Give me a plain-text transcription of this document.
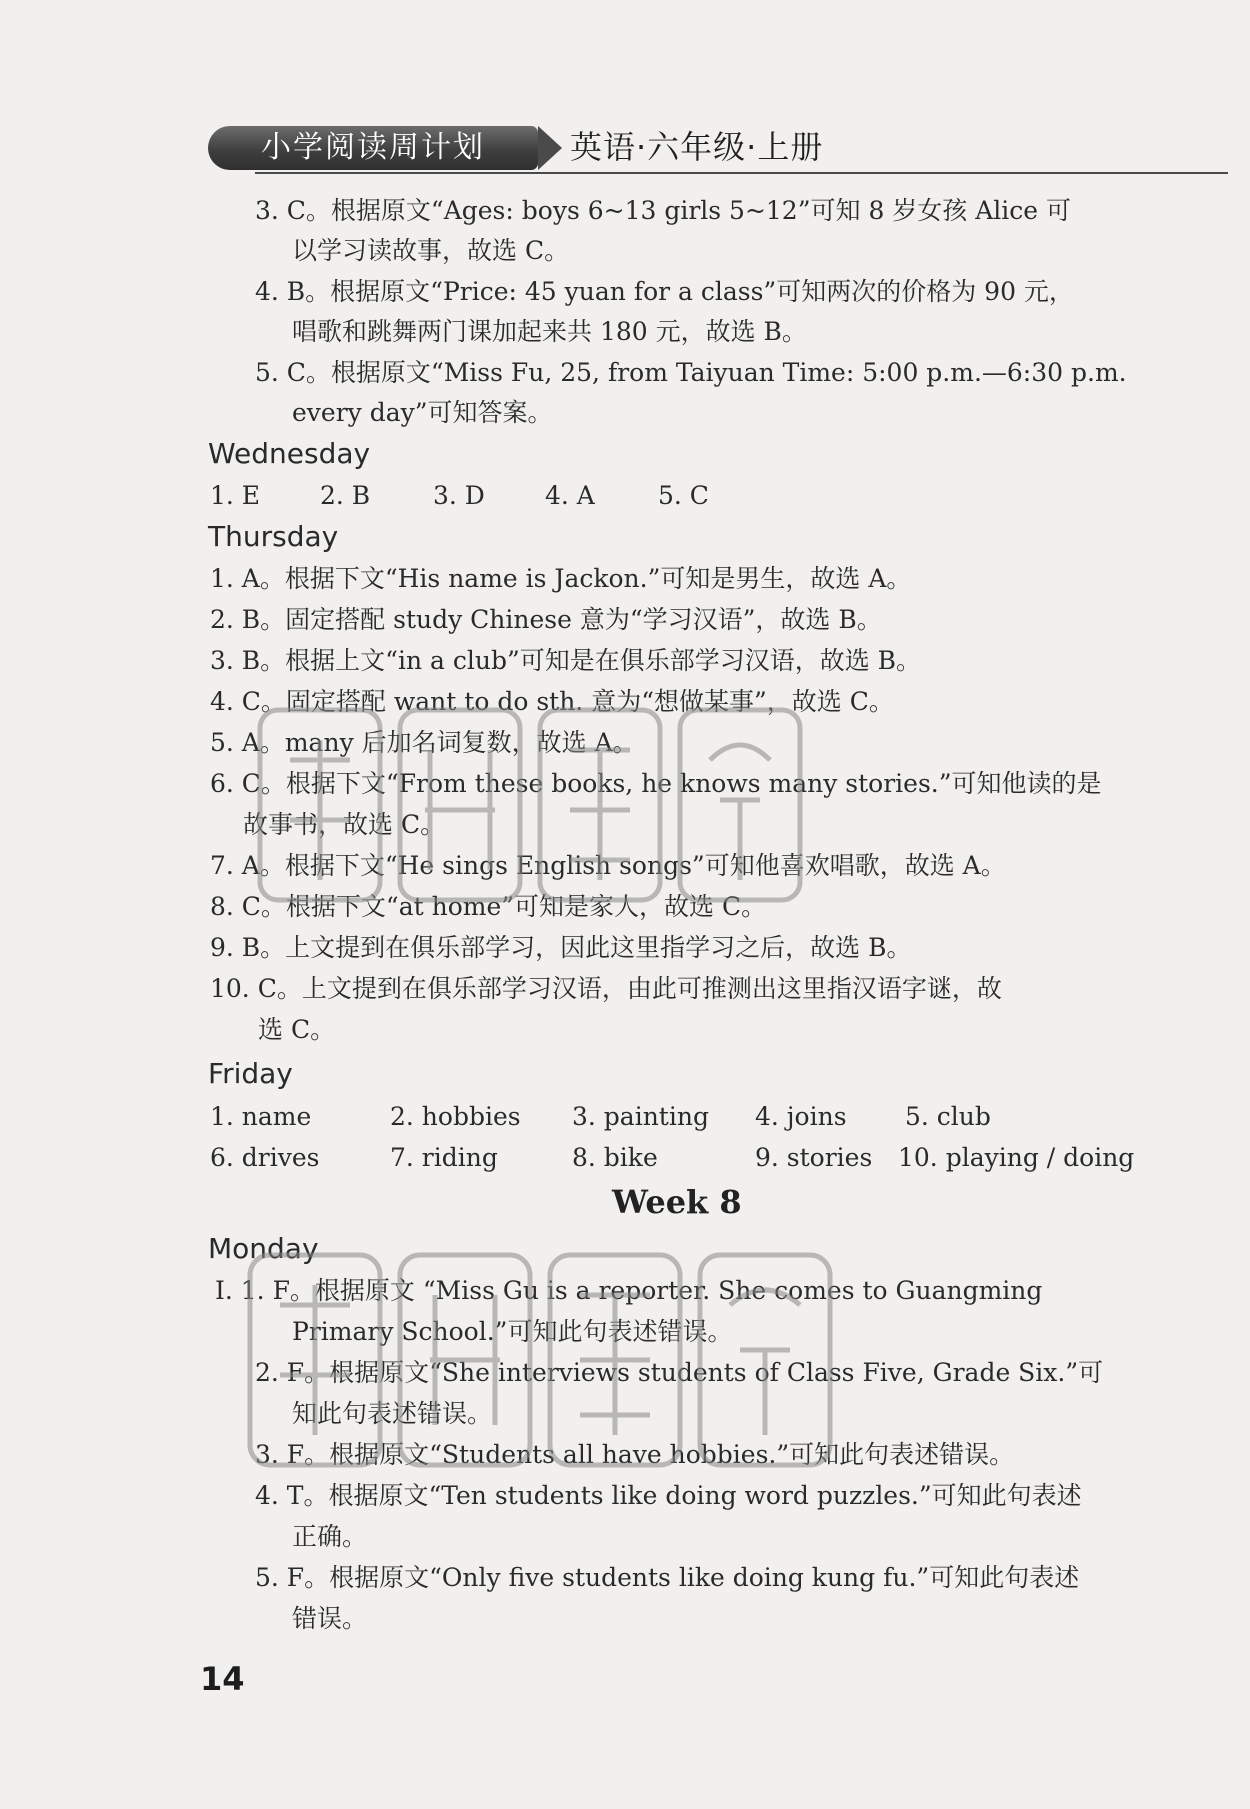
小学阅读周计划	英语·六年级·上册
3. C。根据原文“Ages: boys 6~13 girls 5~12”可知 8 岁女孩 Alice 可
以学习读故事，故选 C。
4. B。根据原文“Price: 45 yuan for a class”可知两次的价格为 90 元，
唱歌和跳舞两门课加起来共 180 元，故选 B。
5. C。根据原文“Miss Fu, 25, from Taiyuan Time: 5:00 p.m.—6:30 p.m.
every day”可知答案。
Wednesday
1. E 2. B	3. D 4. A	5. C
Thursday
1. A。根据下文“His name is Jackon.”可知是男生，故选 A。
2. B。固定搭配 study Chinese 意为“学习汉语”，故选 B。
3. B。根据上文“in a club”可知是在俱乐部学习汉语，故选 B。
4. C。固定搭配 want to do sth. 意为“想做某事”，故选 C。
5. A。many 后加名词复数，故选 A。
6. C。根据下文“From these books, he knows many stories.”可知他读的是
故事书，故选 C。
7. A。根据下文“He sings English songs”可知他喜欢唱歌，故选 A。
8. C。根据下文“at home”可知是家人，故选 C。
9. B。上文提到在俱乐部学习，因此这里指学习之后，故选 B。
10. C。上文提到在俱乐部学习汉语，由此可推测出这里指汉语字谜，故
选 C。
Friday
1. name	2. hobbies 3. painting 4. joins 5. club
6. drives	7. riding	8. bike	9. stories 10. playing / doing
Week 8
Monday
Ⅰ. 1. F。根据原文 “Miss Gu is a reporter. She comes to Guangming
Primary School.”可知此句表述错误。
2. F。根据原文“She interviews students of Class Five, Grade Six.”可
知此句表述错误。
3. F。根据原文“Students all have hobbies.”可知此句表述错误。
4. T。根据原文“Ten students like doing word puzzles.”可知此句表述
正确。
5. F。根据原文“Only five students like doing kung fu.”可知此句表述
错误。
14
